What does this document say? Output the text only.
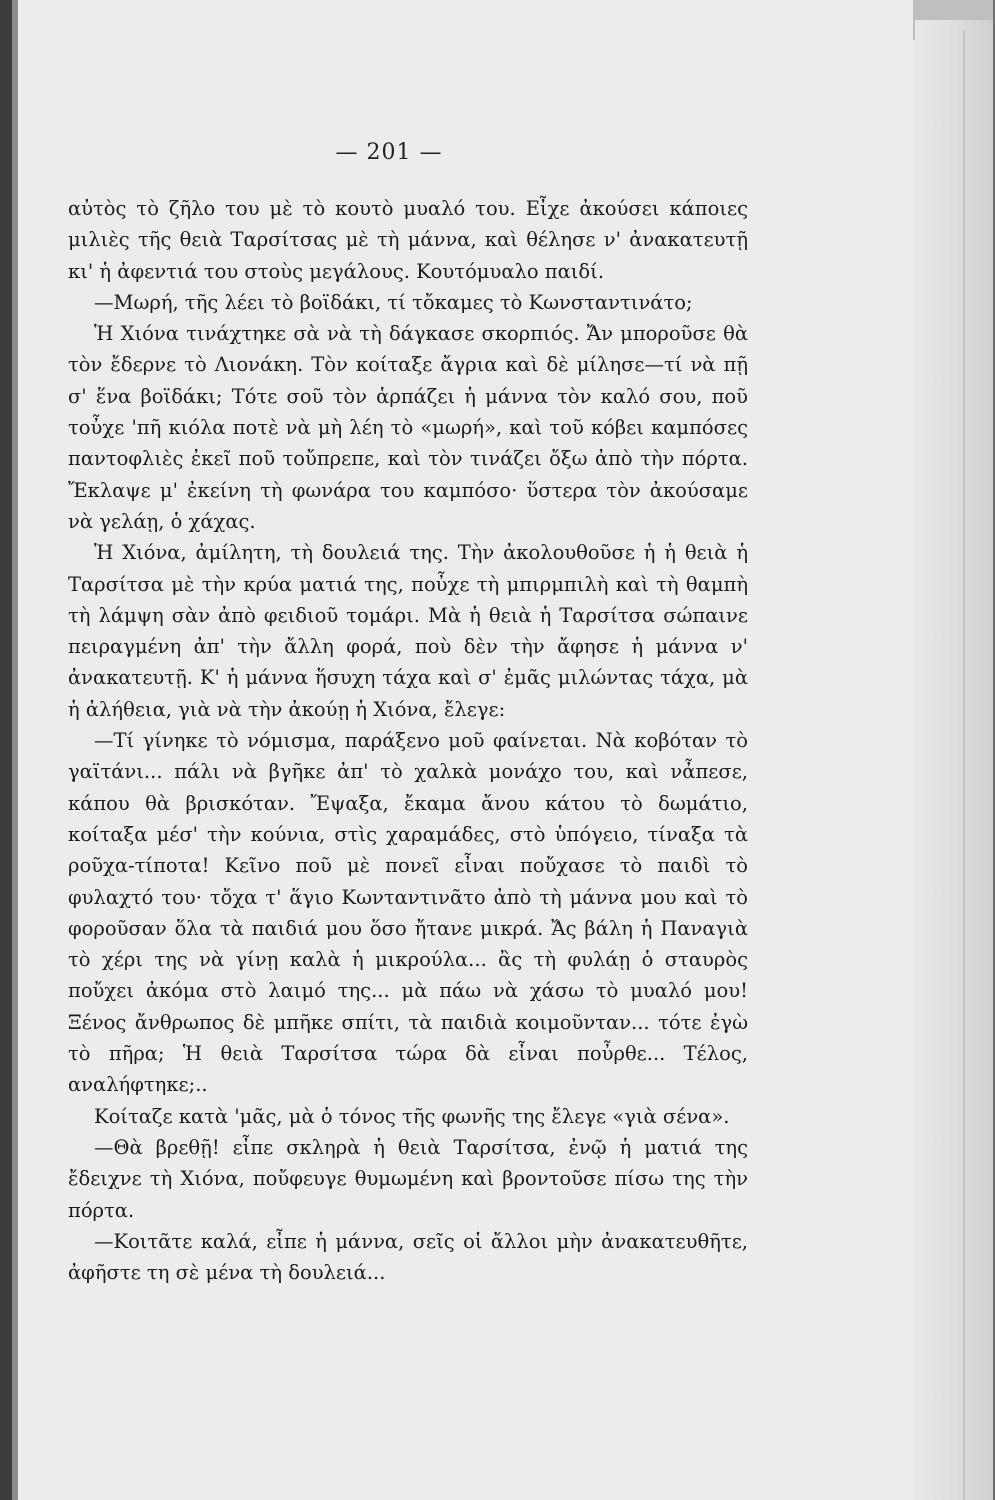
— 201 —

αὐτὸς τὸ ζῆλο του μὲ τὸ κουτὸ μυαλό του. Εἶχε ἀκούσει κάποιες μιλιὲς τῆς θειὰ Ταρσίτσας μὲ τὴ μάννα, καὶ θέλησε ν' ἀνακατευτῇ κι' ἡ ἀφεντιά του στοὺς μεγάλους. Κουτόμυαλο παιδί.

—Μωρή, τῆς λέει τὸ βοϊδάκι, τί τὄκαμες τὸ Κωνσταντινάτο;

Ἡ Χιόνα τινάχτηκε σὰ νὰ τὴ δάγκασε σκορπιός. Ἄν μποροῦσε θὰ τὸν ἔδερνε τὸ Λιονάκη. Τὸν κοίταξε ἄγρια καὶ δὲ μίλησε—τί νὰ πῇ σ' ἕνα βοϊδάκι; Τότε σοῦ τὸν ἁρπάζει ἡ μάννα τὸν καλό σου, ποῦ τοὖχε 'πῆ κιόλα ποτὲ νὰ μὴ λέη τὸ «μωρή», καὶ τοῦ κόβει καμπόσες παντοφλιὲς ἐκεῖ ποῦ τοὔπρεπε, καὶ τὸν τινάζει ὄξω ἀπὸ τὴν πόρτα. Ἔκλαψε μ' ἐκείνη τὴ φωνάρα του καμπόσο· ὕστερα τὸν ἀκούσαμε νὰ γελάῃ, ὁ χάχας.

Ἡ Χιόνα, ἀμίλητη, τὴ δουλειά της. Τὴν ἀκολουθοῦσε ἡ ἡ θειὰ ἡ Ταρσίτσα μὲ τὴν κρύα ματιά της, ποὖχε τὴ μπιρμπιλὴ καὶ τὴ θαμπὴ τὴ λάμψη σὰν ἀπὸ φειδιοῦ τομάρι. Μὰ ἡ θειὰ ἡ Ταρσίτσα σώπαινε πειραγμένη ἀπ' τὴν ἄλλη φορά, ποὺ δὲν τὴν ἄφησε ἡ μάννα ν' ἀνακατευτῇ. Κ' ἡ μάννα ἥσυχη τάχα καὶ σ' ἐμᾶς μιλώντας τάχα, μὰ ἡ ἀλήθεια, γιὰ νὰ τὴν ἀκούῃ ἡ Χιόνα, ἔλεγε:

—Τί γίνηκε τὸ νόμισμα, παράξενο μοῦ φαίνεται. Νὰ κοβόταν τὸ γαϊτάνι... πάλι νὰ βγῆκε ἀπ' τὸ χαλκὰ μονάχο του, καὶ νἆπεσε, κάπου θὰ βρισκόταν. Ἔψαξα, ἔκαμα ἄνου κάτου τὸ δωμάτιο, κοίταξα μέσ' τὴν κούνια, στὶς χαραμάδες, στὸ ὑπόγειο, τίναξα τὰ ροῦχα-τίποτα! Κεῖνο ποῦ μὲ πονεῖ εἶναι ποὔχασε τὸ παιδὶ τὸ φυλαχτό του· τὄχα τ' ἅγιο Κωνταντινᾶτο ἀπὸ τὴ μάννα μου καὶ τὸ φοροῦσαν ὅλα τὰ παιδιά μου ὅσο ἤτανε μικρά. Ἄς βάλη ἡ Παναγιὰ τὸ χέρι της νὰ γίνῃ καλὰ ἡ μικρούλα... ἂς τὴ φυλάῃ ὁ σταυρὸς ποὔχει ἀκόμα στὸ λαιμό της... μὰ πάω νὰ χάσω τὸ μυαλό μου! Ξένος ἄνθρωπος δὲ μπῆκε σπίτι, τὰ παιδιὰ κοιμοῦνταν... τότε ἐγὼ τὸ πῆρα; Ἡ θειὰ Ταρσίτσα τώρα δὰ εἶναι ποὖρθε... Τέλος, αναλήφτηκε;..

Κοίταζε κατὰ 'μᾶς, μὰ ὁ τόνος τῆς φωνῆς της ἔλεγε «γιὰ σένα».

—Θὰ βρεθῇ! εἶπε σκληρὰ ἡ θειὰ Ταρσίτσα, ἐνῷ ἡ ματιά της ἔδειχνε τὴ Χιόνα, ποὔφευγε θυμωμένη καὶ βροντοῦσε πίσω της τὴν πόρτα.

—Κοιτᾶτε καλά, εἶπε ἡ μάννα, σεῖς οἱ ἄλλοι μὴν ἀνακατευθῆτε, ἀφῆστε τη σὲ μένα τὴ δουλειά...
